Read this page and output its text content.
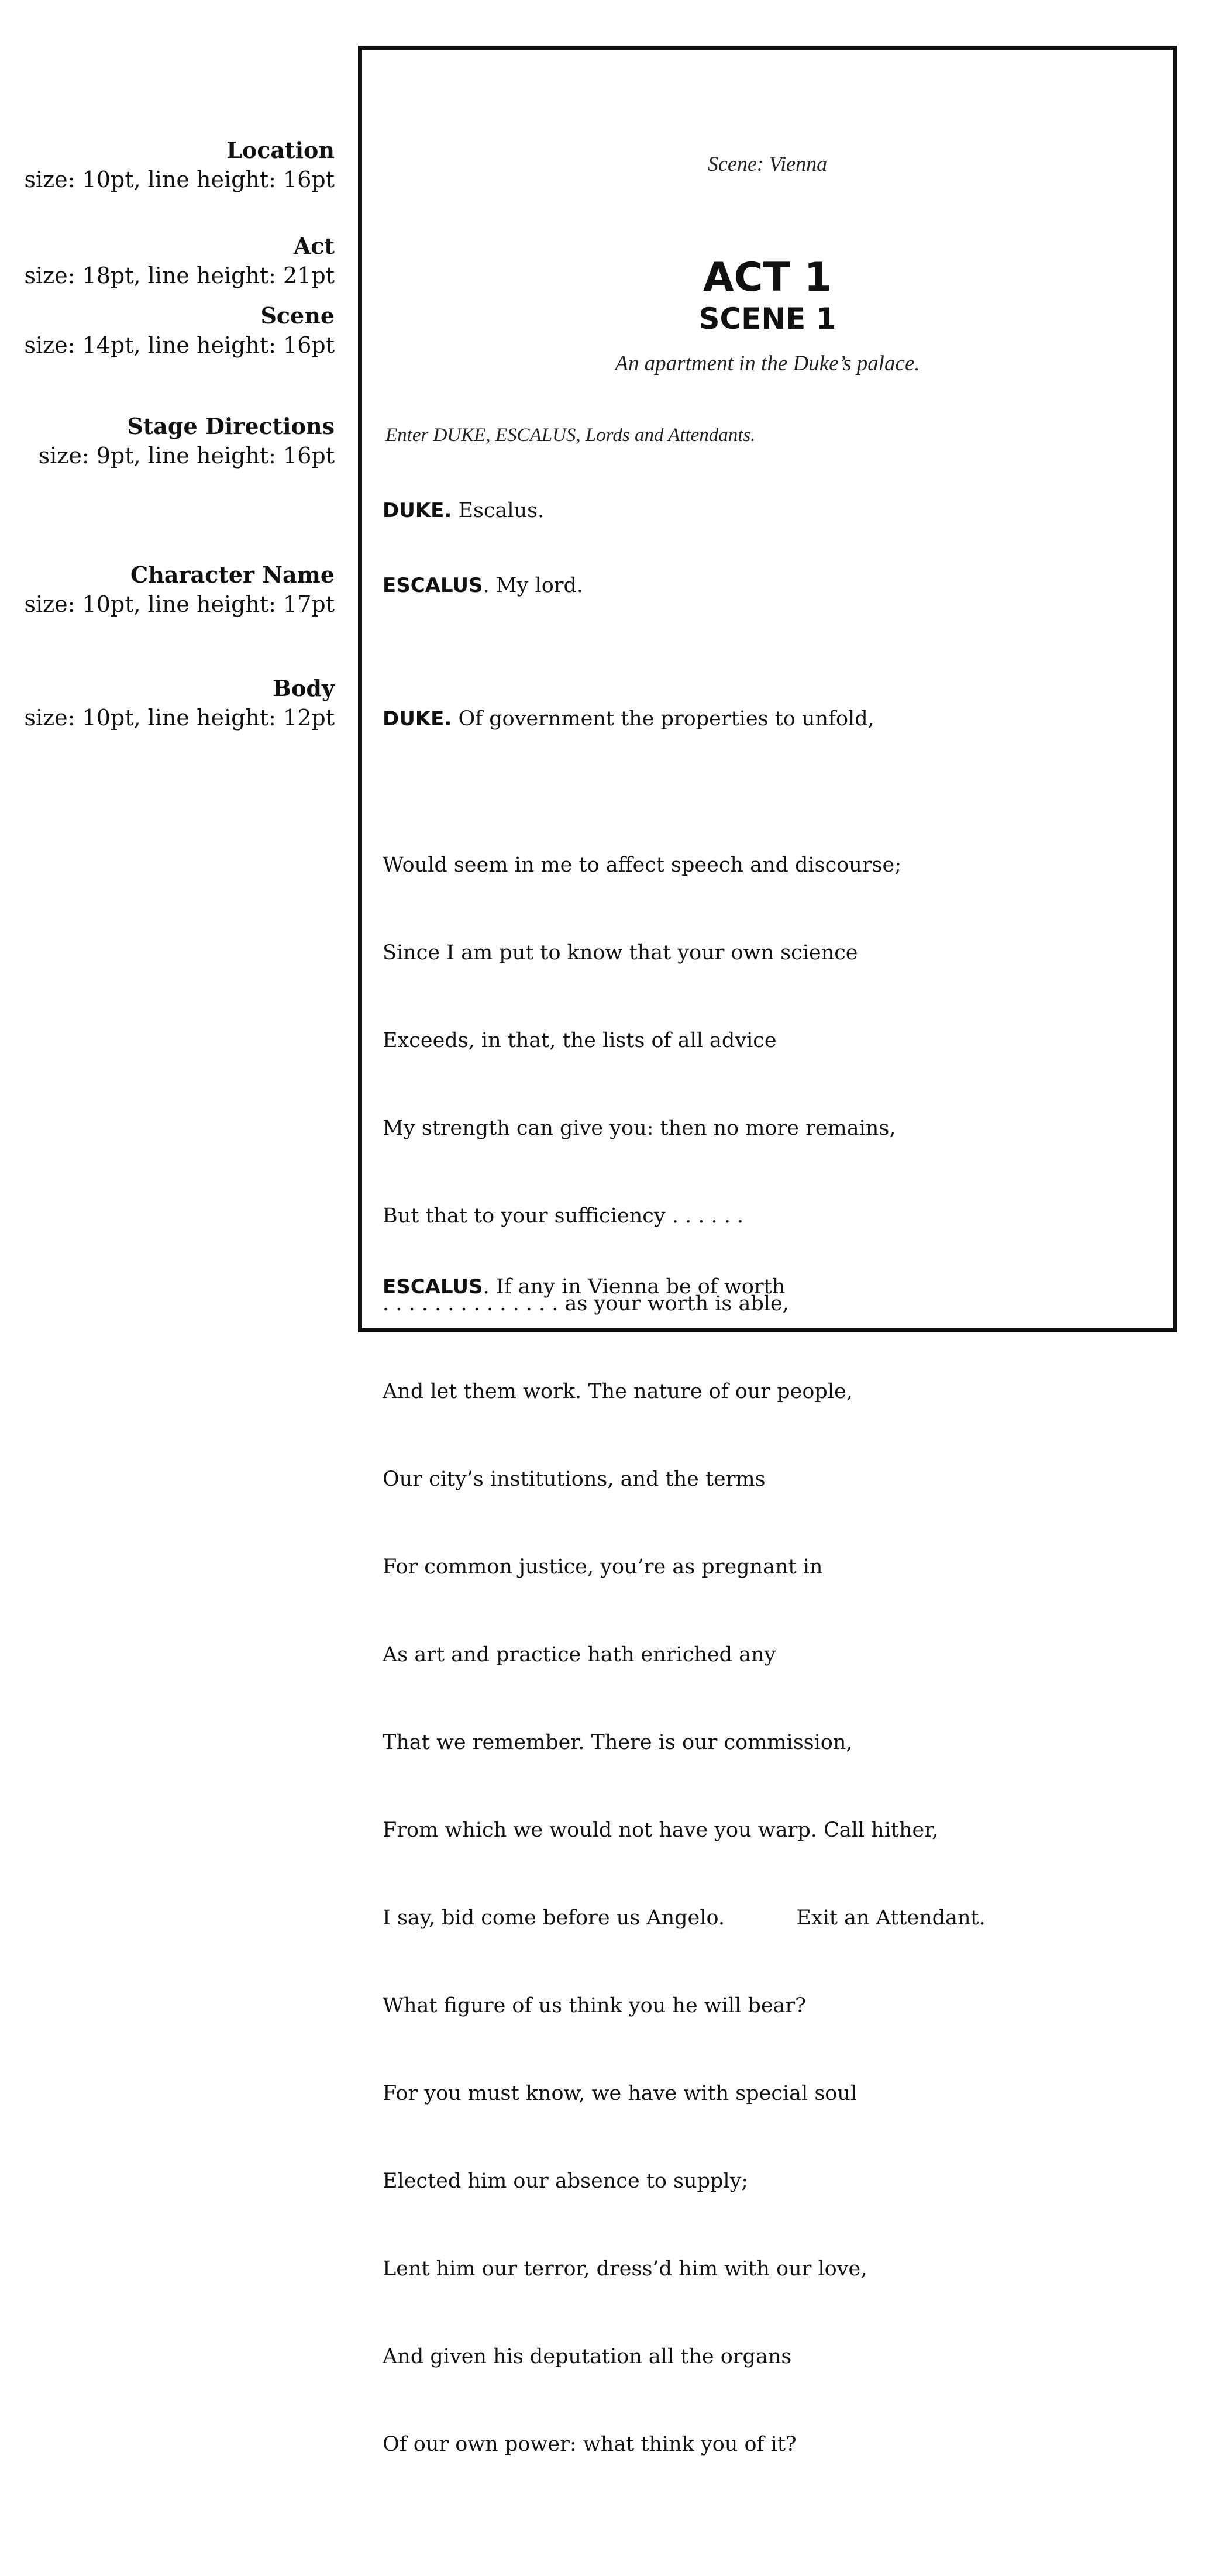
Location
size: 10pt, line height: 16pt
Act
size: 18pt, line height: 21pt
Scene
size: 14pt, line height: 16pt
Stage Directions
size: 9pt, line height: 16pt
Character Name
size: 10pt, line height: 17pt
Body
size: 10pt, line height: 12pt
Scene: Vienna
ACT 1
SCENE 1
An apartment in the Duke’s palace.
Enter DUKE, ESCALUS, Lords and Attendants.
DUKE. Escalus.
ESCALUS. My lord.

DUKE. Of government the properties to unfold,

Would seem in me to affect speech and discourse;

Since I am put to know that your own science

Exceeds, in that, the lists of all advice

My strength can give you: then no more remains,

But that to your sufficiency . . . . . .

. . . . . . . . . . . . . . as your worth is able,

And let them work. The nature of our people,

Our city’s institutions, and the terms

For common justice, you’re as pregnant in

As art and practice hath enriched any

That we remember. There is our commission,

From which we would not have you warp. Call hither,

I say, bid come before us Angelo.           Exit an Attendant.

What figure of us think you he will bear?

For you must know, we have with special soul

Elected him our absence to supply;

Lent him our terror, dress’d him with our love,

And given his deputation all the organs

Of our own power: what think you of it?

ESCALUS. If any in Vienna be of worth
